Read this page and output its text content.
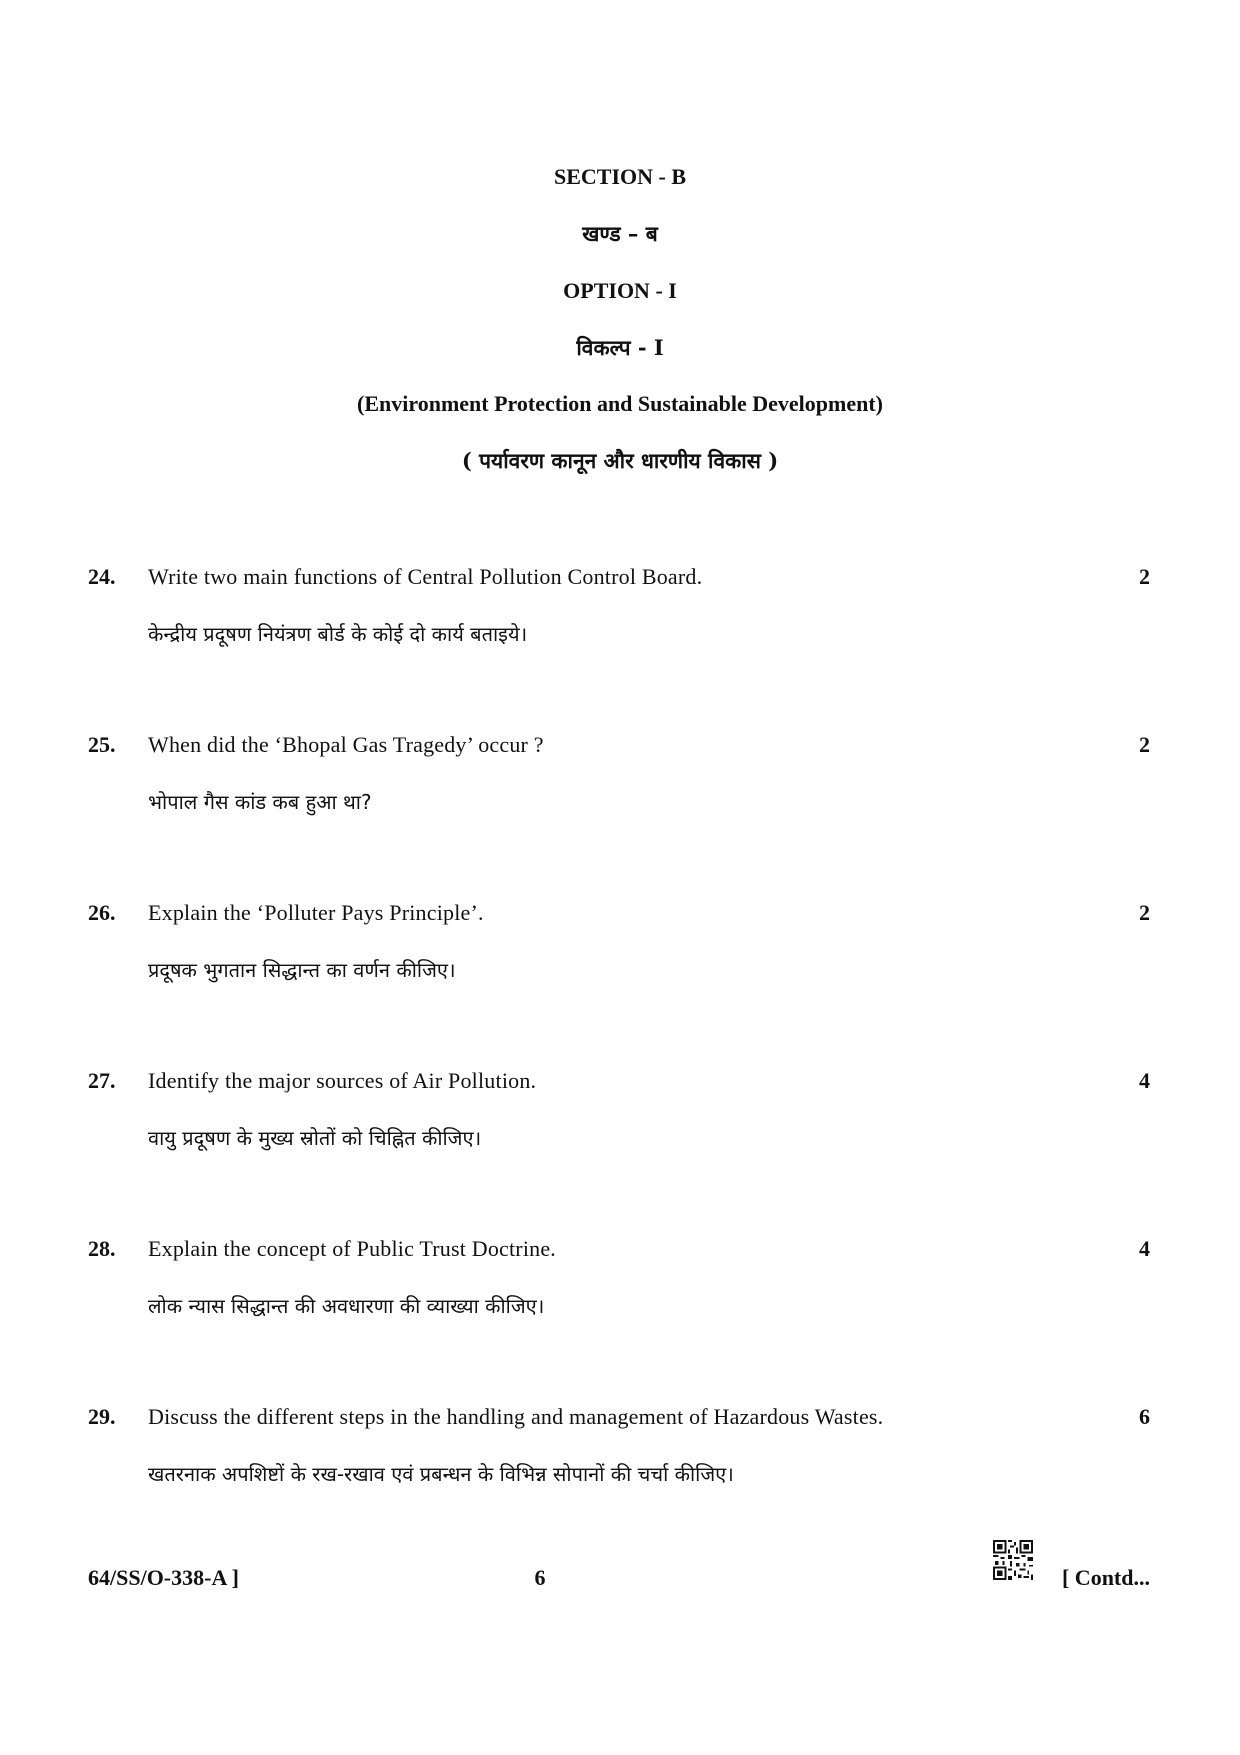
SECTION - B
खण्ड – ब
OPTION - I
विकल्प - I
(Environment Protection and Sustainable Development)
( पर्यावरण कानून और धारणीय विकास )
24. Write two main functions of Central Pollution Control Board.
केन्द्रीय प्रदूषण नियंत्रण बोर्ड के कोई दो कार्य बताइये।
2
25. When did the ‘Bhopal Gas Tragedy’ occur ?
भोपाल गैस कांड कब हुआ था?
2
26. Explain the ‘Polluter Pays Principle’.
प्रदूषक भुगतान सिद्धान्त का वर्णन कीजिए।
2
27. Identify the major sources of Air Pollution.
वायु प्रदूषण के मुख्य स्रोतों को चिह्नित कीजिए।
4
28. Explain the concept of Public Trust Doctrine.
लोक न्यास सिद्धान्त की अवधारणा की व्याख्या कीजिए।
4
29. Discuss the different steps in the handling and management of Hazardous Wastes.
खतरनाक अपशिष्टों के रख-रखाव एवं प्रबन्धन के विभिन्न सोपानों की चर्चा कीजिए।
6
64/SS/O-338-A ]	6	[ Contd...
